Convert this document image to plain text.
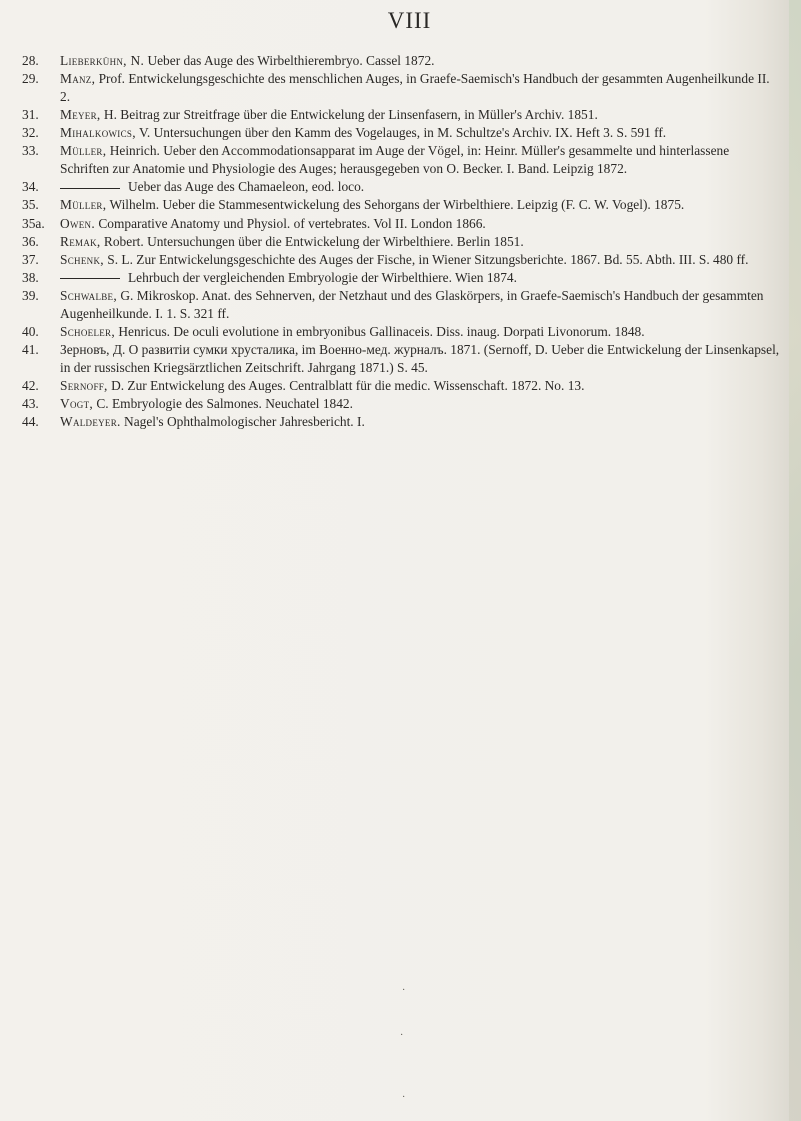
VIII
28.	Lieberkühn, N. Ueber das Auge des Wirbelthierembryo. Cassel 1872.
29.	Manz, Prof. Entwickelungsgeschichte des menschlichen Auges, in Graefe-Saemisch's Handbuch der gesammten Augenheilkunde II. 2.
31.	Meyer, H. Beitrag zur Streitfrage über die Entwickelung der Linsenfasern, in Müller's Archiv. 1851.
32.	Mihalkowics, V. Untersuchungen über den Kamm des Vogelauges, in M. Schultze's Archiv. IX. Heft 3. S. 591 ff.
33.	Müller, Heinrich. Ueber den Accommodationsapparat im Auge der Vögel, in: Heinr. Müller's gesammelte und hinterlassene Schriften zur Anatomie und Physiologie des Auges; herausgegeben von O. Becker. I. Band. Leipzig 1872.
34.	Ueber das Auge des Chamaeleon, eod. loco.
35.	Müller, Wilhelm. Ueber die Stammesentwickelung des Sehorgans der Wirbelthiere. Leipzig (F. C. W. Vogel). 1875.
35a.	Owen. Comparative Anatomy und Physiol. of vertebrates. Vol II. London 1866.
36.	Remak, Robert. Untersuchungen über die Entwickelung der Wirbelthiere. Berlin 1851.
37.	Schenk, S. L. Zur Entwickelungsgeschichte des Auges der Fische, in Wiener Sitzungsberichte. 1867. Bd. 55. Abth. III. S. 480 ff.
38.	Lehrbuch der vergleichenden Embryologie der Wirbelthiere. Wien 1874.
39.	Schwalbe, G. Mikroskop. Anat. des Sehnerven, der Netzhaut und des Glaskörpers, in Graefe-Saemisch's Handbuch der gesammten Augenheilkunde. I. 1. S. 321 ff.
40.	Schoeler, Henricus. De oculi evolutione in embryonibus Gallinaceis. Diss. inaug. Dorpati Livonorum. 1848.
41.	Зерновъ, Д. О развитіи сумки хрусталика, im Военно-мед. журналъ. 1871. (Sernoff, D. Ueber die Entwickelung der Linsenkapsel, in der russischen Kriegsärztlichen Zeitschrift. Jahrgang 1871.) S. 45.
42.	Sernoff, D. Zur Entwickelung des Auges. Centralblatt für die medic. Wissenschaft. 1872. No. 13.
43.	Vogt, C. Embryologie des Salmones. Neuchatel 1842.
44.	Waldeyer. Nagel's Ophthalmologischer Jahresbericht. I.
·
·
·
